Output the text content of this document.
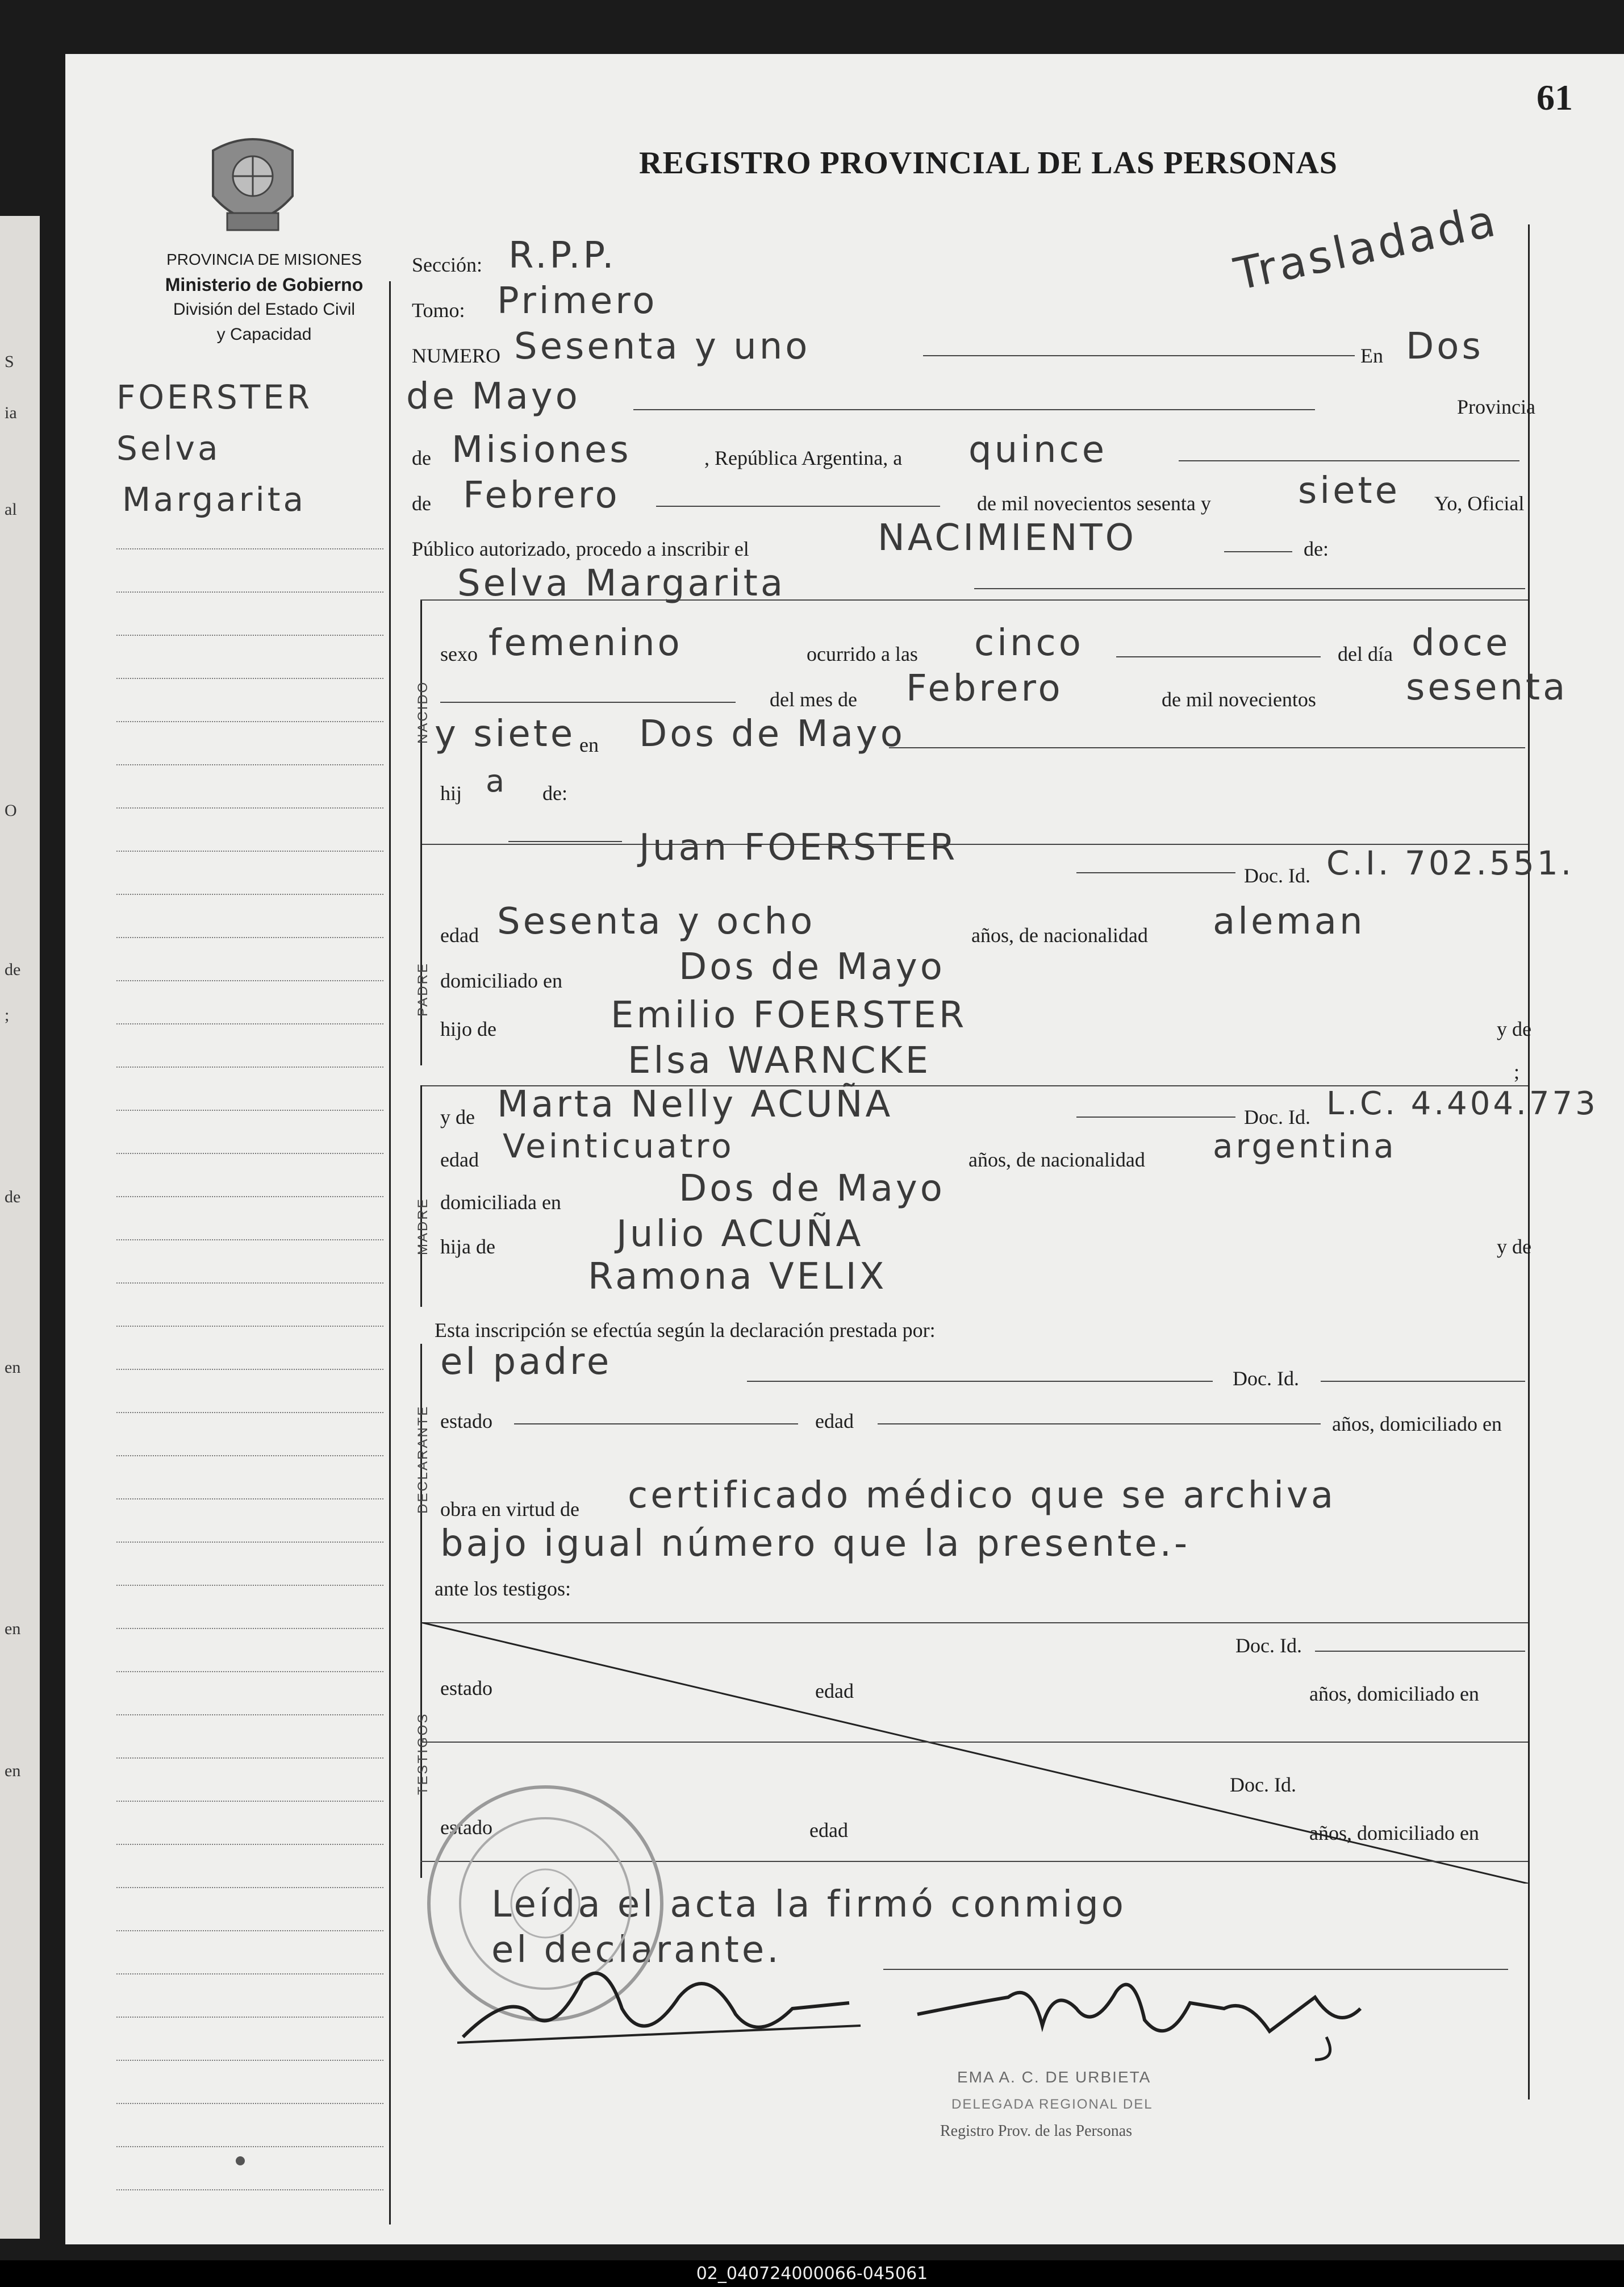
S
ia
al
O
de
;
de
en
en
en
61
PROVINCIA DE MISIONES
Ministerio de Gobierno
División del Estado Civil
y Capacidad
REGISTRO PROVINCIAL DE LAS PERSONAS
Trasladada
FOERSTER
Selva
Margarita
Sección: R.P.P.
Tomo: Primero
NUMERO Sesenta y uno	En Dos
de Mayo	Provincia
de Misiones	, República Argentina, a quince
de Febrero	de mil novecientos sesenta y siete Yo, Oficial
Público autorizado, procedo a inscribir el	NACIMIENTO	de:
Selva Margarita
NACIDO
sexo femenino	ocurrido a las cinco	del día doce
del mes de Febrero	de mil novecientos sesenta
y siete en Dos de Mayo
hij a de:
PADRE
Juan FOERSTER
Doc. Id. C.I. 702.551.
edad Sesenta y ocho	años, de nacionalidad aleman
domiciliado en	Dos de Mayo
hijo de	Emilio FOERSTER	y de
Elsa WARNCKE	;
MADRE
y de Marta Nelly ACUÑA	Doc. Id. L.C. 4.404.773
edad Veinticuatro	años, de nacionalidad argentina
domiciliada en	Dos de Mayo
hija de	Julio ACUÑA	y de
Ramona VELIX
Esta inscripción se efectúa según la declaración prestada por:
DECLARANTE
el padre	Doc. Id.
estado	edad	años, domiciliado en
obra en virtud de certificado médico que se archiva
bajo igual número que la presente.-
ante los testigos:
TESTIGOS
Doc. Id.
estado	edad	años, domiciliado en
Doc. Id.
estado	edad	años, domiciliado en
Leída el acta la firmó conmigo
el declarante.
EMA A. C. DE URBIETA
DELEGADA REGIONAL DEL
Registro Prov. de las Personas
02_040724000066-045061
